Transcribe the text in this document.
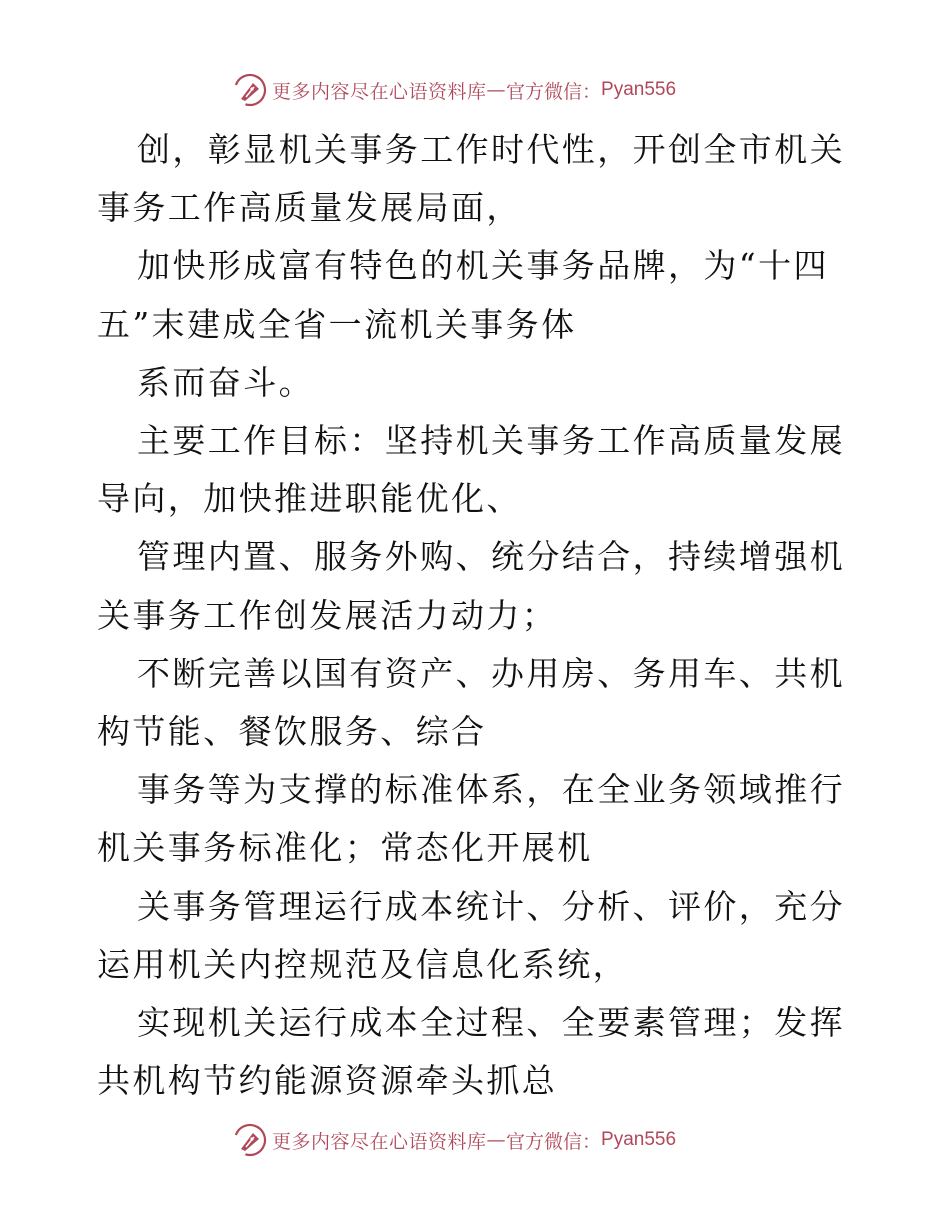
更多内容尽在心语资料库 — 官方微信： Pyan556

创，彰显机关事务工作时代性，开创全市机关事务工作高质量发展局面，

加快形成富有特色的机关事务品牌，为“十四五”末建成全省一流机关事务体

系而奋斗。

主要工作目标：坚持机关事务工作高质量发展导向，加快推进职能优化、

管理内置、服务外购、统分结合，持续增强机关事务工作创发展活力动力；

不断完善以国有资产、办用房、务用车、共机构节能、餐饮服务、综合

事务等为支撑的标准体系，在全业务领域推行机关事务标准化；常态化开展机

关事务管理运行成本统计、分析、评价，充分运用机关内控规范及信息化系统，

实现机关运行成本全过程、全要素管理；发挥共机构节约能源资源牵头抓总

更多内容尽在心语资料库 — 官方微信： Pyan556
